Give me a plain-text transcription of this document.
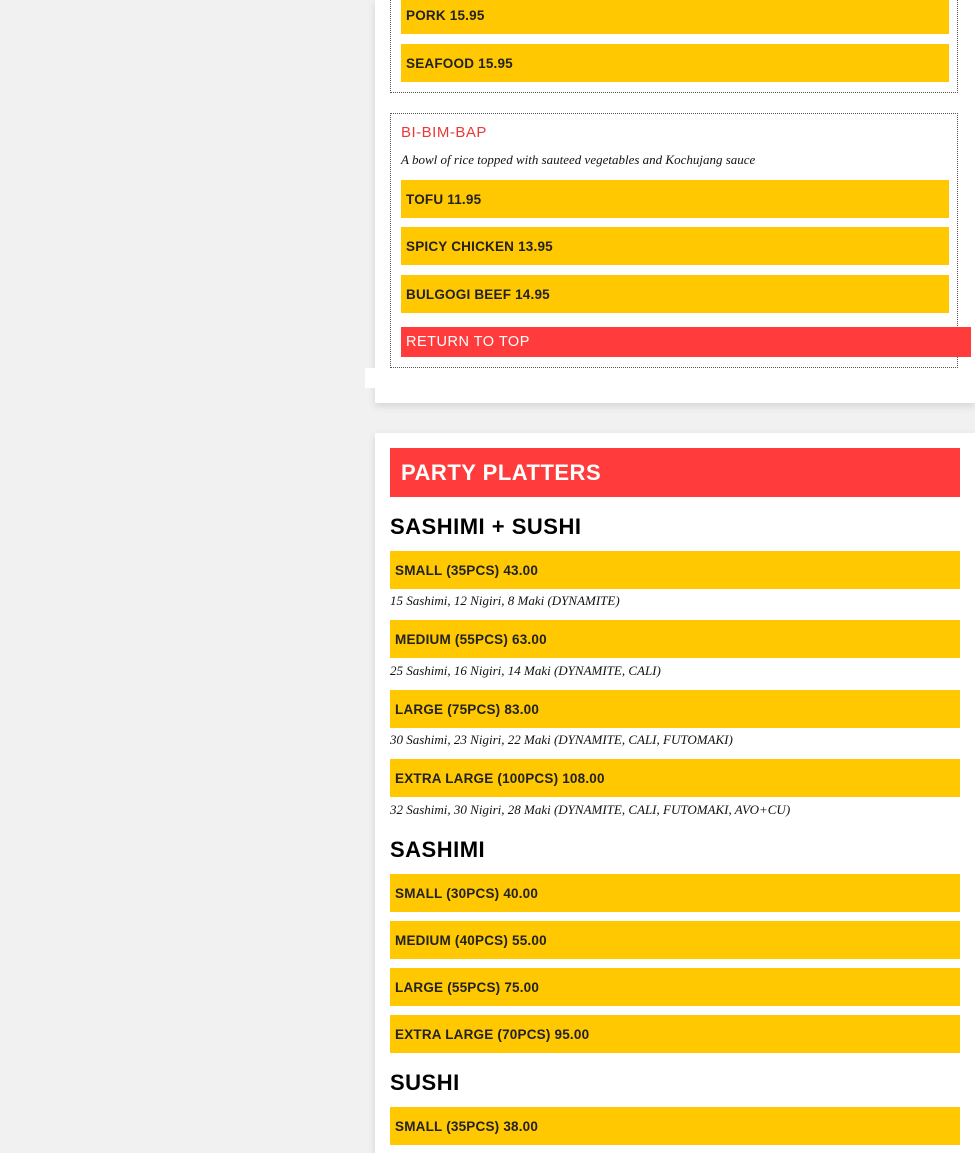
PORK 15.95
SEAFOOD 15.95
BI-BIM-BAP
A bowl of rice topped with sauteed vegetables and Kochujang sauce
TOFU 11.95
SPICY CHICKEN 13.95
BULGOGI BEEF 14.95
RETURN TO TOP
PARTY PLATTERS
SASHIMI + SUSHI
SMALL (35PCS) 43.00
15 Sashimi, 12 Nigiri, 8 Maki (DYNAMITE)
MEDIUM (55PCS) 63.00
25 Sashimi, 16 Nigiri, 14 Maki (DYNAMITE, CALI)
LARGE (75PCS) 83.00
30 Sashimi, 23 Nigiri, 22 Maki (DYNAMITE, CALI, FUTOMAKI)
EXTRA LARGE (100PCS) 108.00
32 Sashimi, 30 Nigiri, 28 Maki (DYNAMITE, CALI, FUTOMAKI, AVO+CU)
SASHIMI
SMALL (30PCS) 40.00
MEDIUM (40PCS) 55.00
LARGE (55PCS) 75.00
EXTRA LARGE (70PCS) 95.00
SUSHI
SMALL (35PCS) 38.00
